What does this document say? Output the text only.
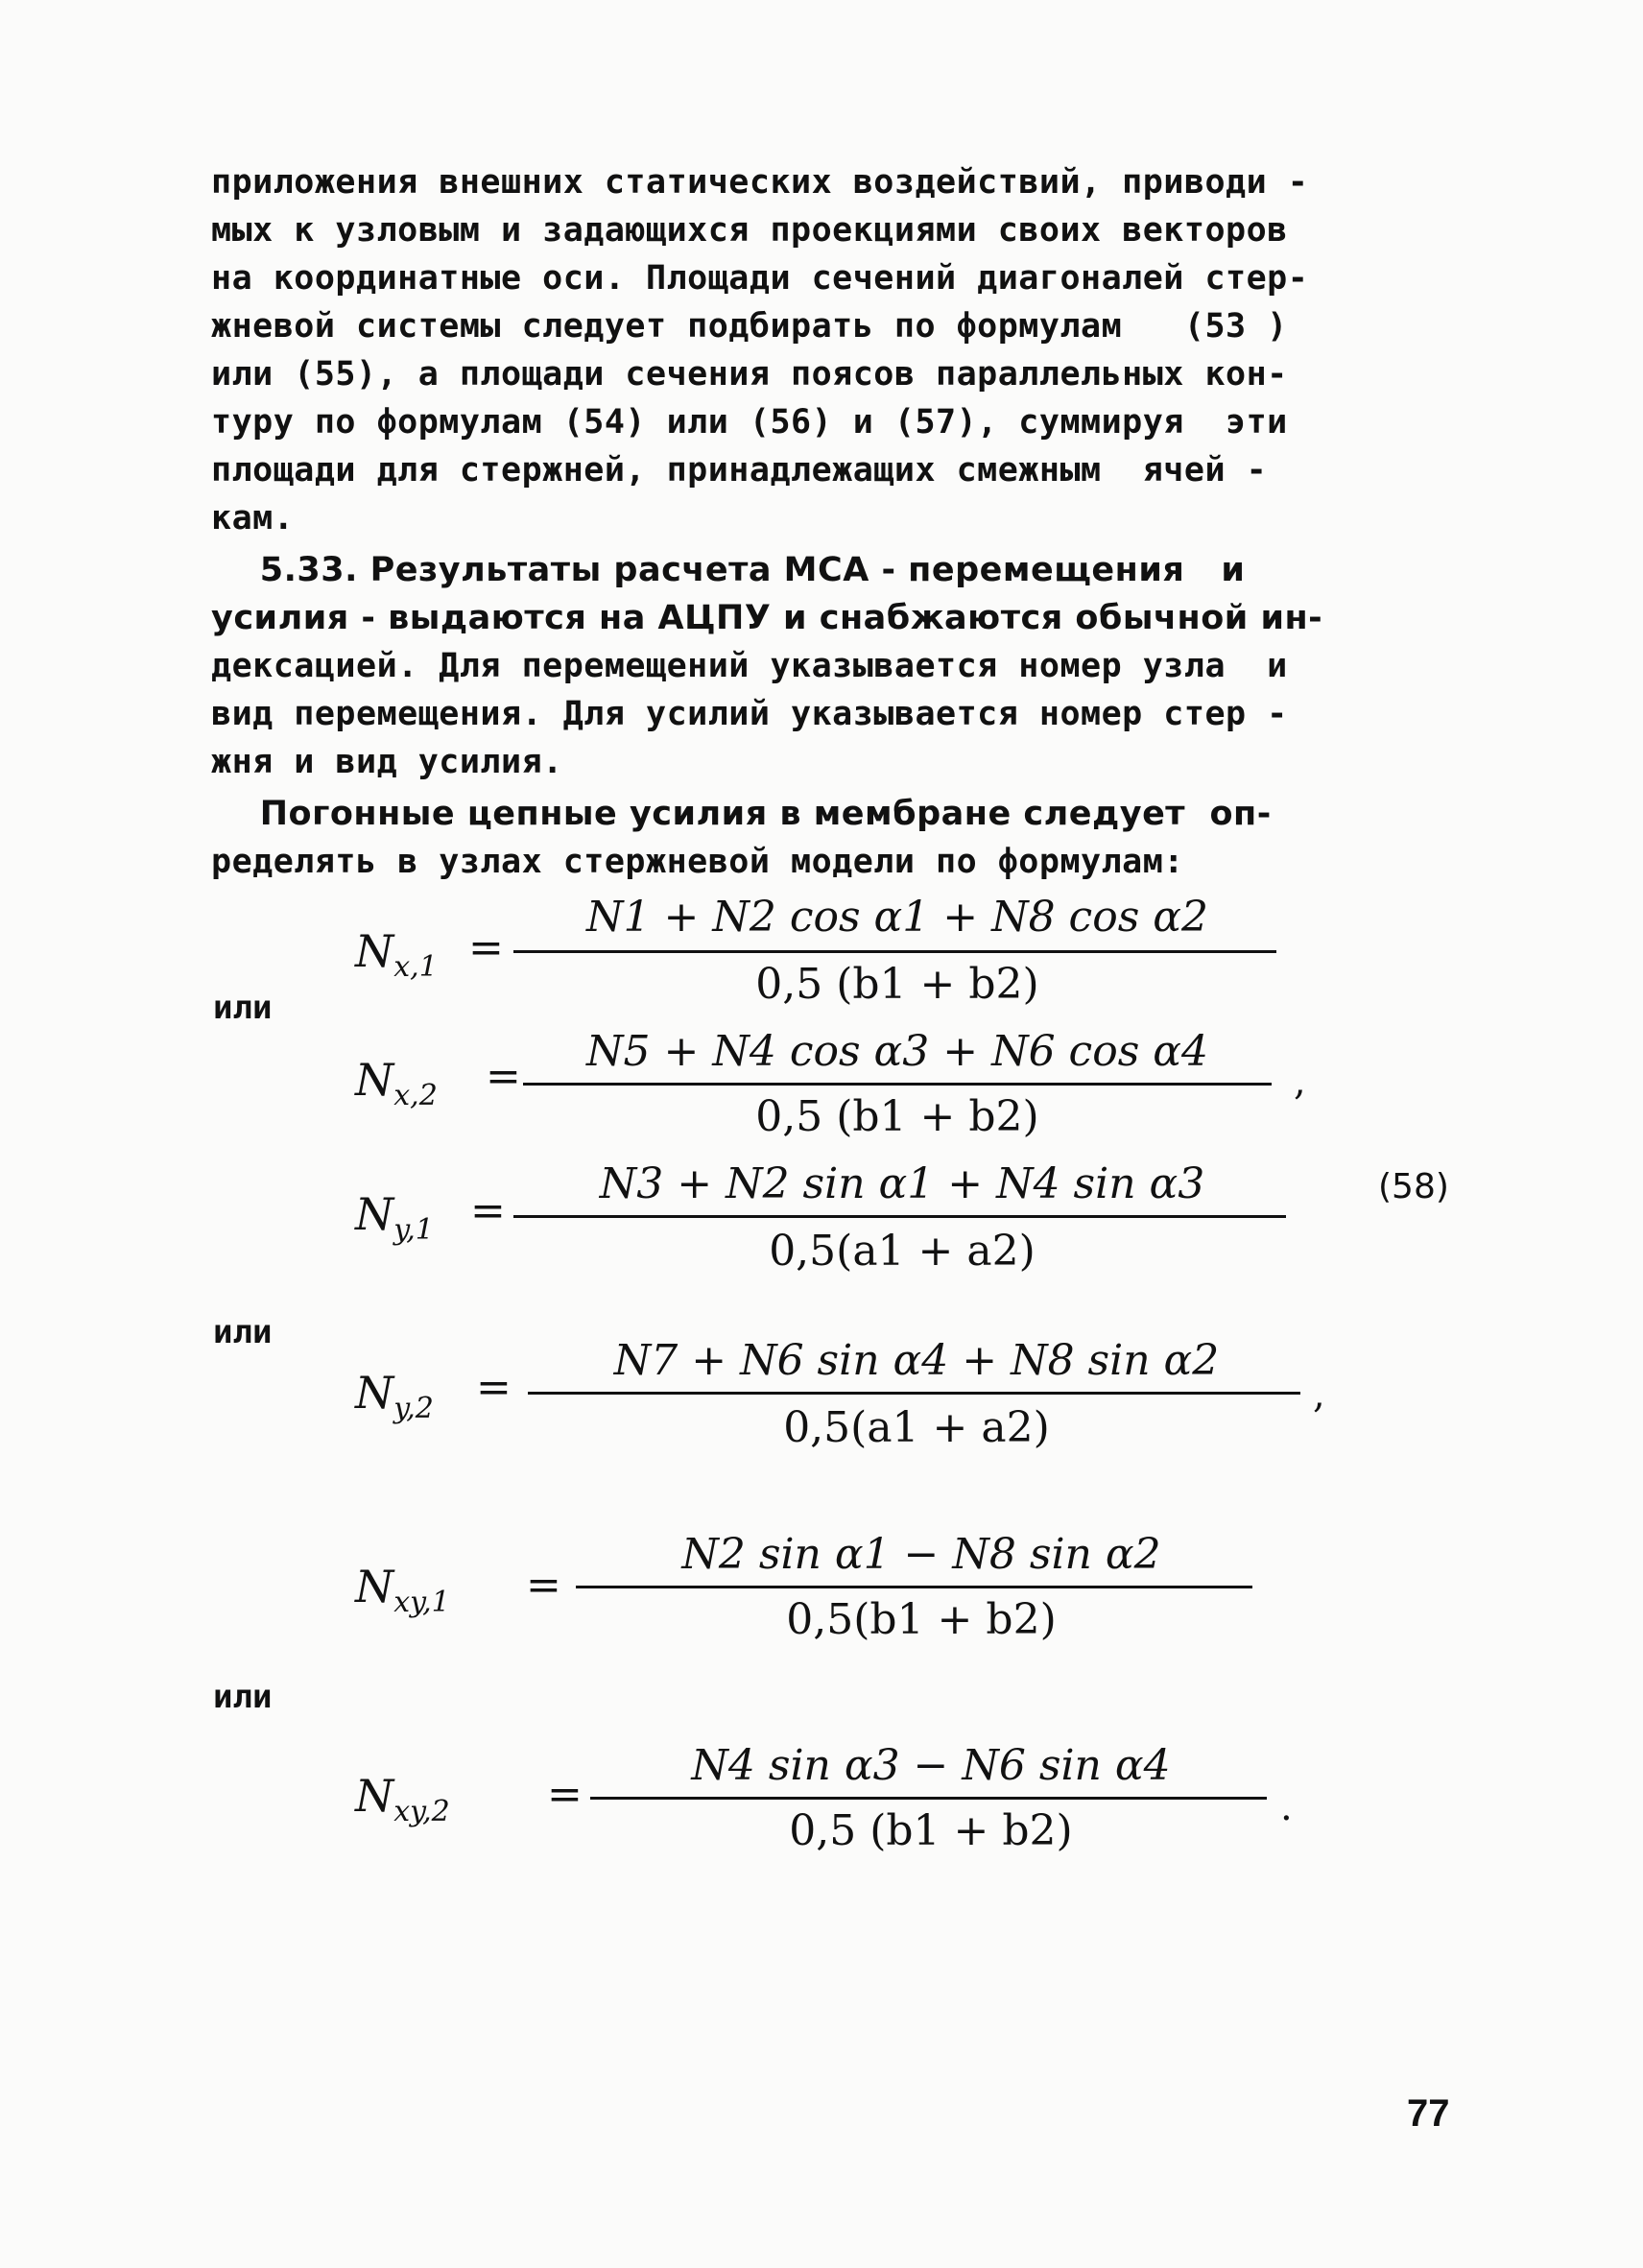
приложения внешних статических воздействий, приводи -
мых к узловым и задающихся проекциями своих векторов
на координатные оси. Площади сечений диагоналей стер-
жневой системы следует подбирать по формулам   (53 )
или (55), а площади сечения поясов параллельных кон-
туру по формулам (54) или (56) и (57), суммируя  эти
площади для стержней, принадлежащих смежным  ячей -
кам.
5.33. Результаты расчета МСА - перемещения   и
усилия - выдаются на АЦПУ и снабжаются обычной ин-
дексацией. Для перемещений указывается номер узла  и
вид перемещения. Для усилий указывается номер стер -
жня и вид усилия.
Погонные цепные усилия в мембране следует  оп-
ределять в узлах стержневой модели по формулам:
или
или
или
(58)
$N_{x,1}$ =
N1 + N2 cos α1 + N8 cos α2
0,5 (b1 + b2)
$N_{x,2}$ =
N5 + N4 cos α3 + N6 cos α4
0,5 (b1 + b2)
,
$N_{y,1}$ =
N3 + N2 sin α1 + N4 sin α3
0,5(a1 + a2)
$N_{y,2}$ =
N7 + N6 sin α4 + N8 sin α2
0,5(a1 + a2)
,
$N_{xy,1}$ =
N2 sin α1 − N8 sin α2
0,5(b1 + b2)
$N_{xy,2}$ =
N4 sin α3 − N6 sin α4
0,5 (b1 + b2)	.
77
